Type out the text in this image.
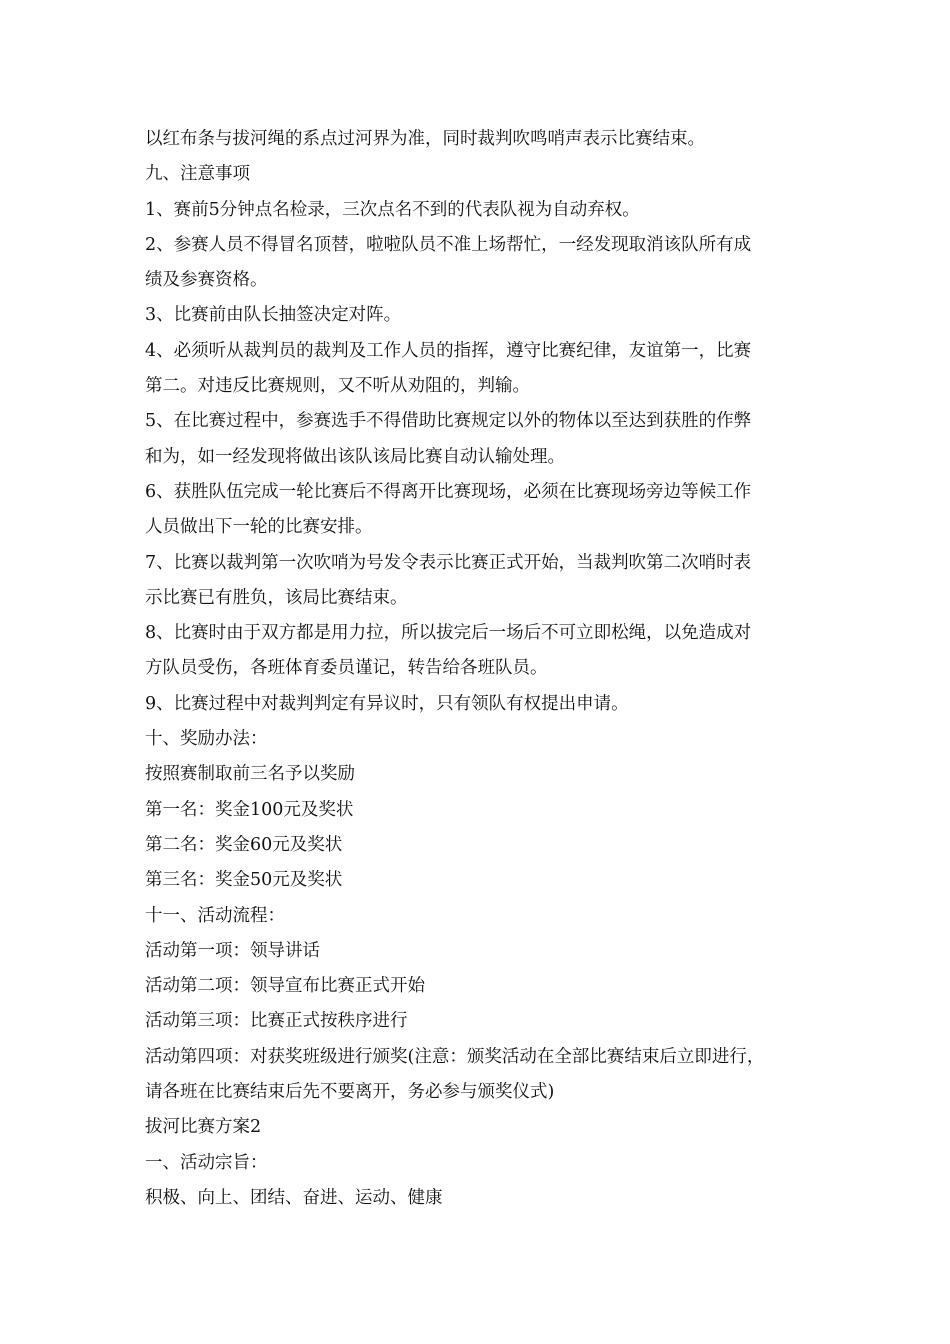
以红布条与拔河绳的系点过河界为准，同时裁判吹鸣哨声表示比赛结束。

九、注意事项

1、赛前5分钟点名检录，三次点名不到的代表队视为自动弃权。

2、参赛人员不得冒名顶替，啦啦队员不准上场帮忙，一经发现取消该队所有成

绩及参赛资格。

3、比赛前由队长抽签决定对阵。

4、必须听从裁判员的裁判及工作人员的指挥，遵守比赛纪律，友谊第一，比赛

第二。对违反比赛规则，又不听从劝阻的，判输。

5、在比赛过程中，参赛选手不得借助比赛规定以外的物体以至达到获胜的作弊

和为，如一经发现将做出该队该局比赛自动认输处理。

6、获胜队伍完成一轮比赛后不得离开比赛现场，必须在比赛现场旁边等候工作

人员做出下一轮的比赛安排。

7、比赛以裁判第一次吹哨为号发令表示比赛正式开始，当裁判吹第二次哨时表

示比赛已有胜负，该局比赛结束。

8、比赛时由于双方都是用力拉，所以拔完后一场后不可立即松绳，以免造成对

方队员受伤，各班体育委员谨记，转告给各班队员。

9、比赛过程中对裁判判定有异议时，只有领队有权提出申请。

十、奖励办法：

按照赛制取前三名予以奖励

第一名：奖金100元及奖状

第二名：奖金60元及奖状

第三名：奖金50元及奖状

十一、活动流程：

活动第一项：领导讲话

活动第二项：领导宣布比赛正式开始

活动第三项：比赛正式按秩序进行

活动第四项：对获奖班级进行颁奖(注意：颁奖活动在全部比赛结束后立即进行，

请各班在比赛结束后先不要离开，务必参与颁奖仪式)

拔河比赛方案2

一、活动宗旨：

积极、向上、团结、奋进、运动、健康
